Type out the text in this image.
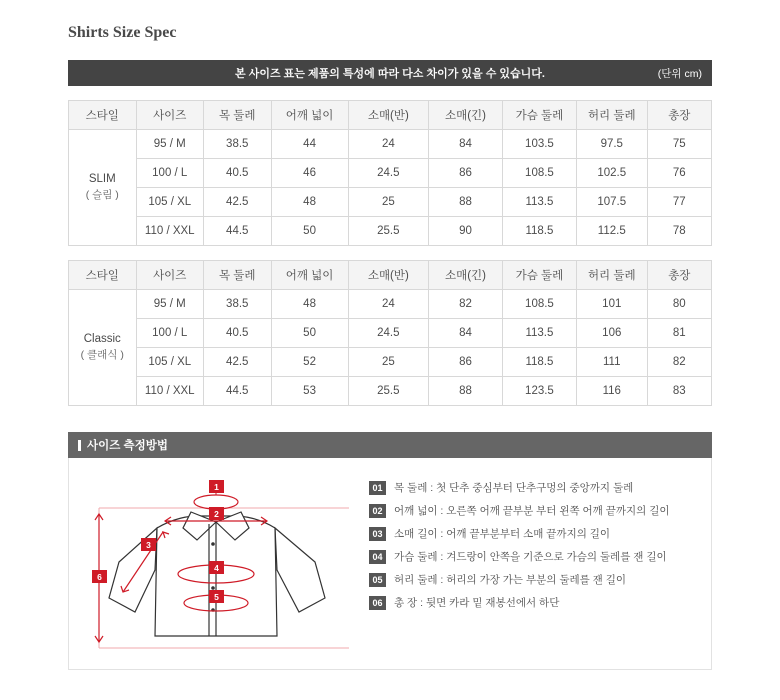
Shirts Size Spec
본 사이즈 표는 제품의 특성에 따라 다소 차이가 있을 수 있습니다.	(단위 cm)
스타일	사이즈	목 둘레	어깨 넓이	소매(반)	소매(긴)	가슴 둘레	허리 둘레	총장

SLIM
( 슬림 )	95 / M	38.5	44	24	84	103.5	97.5	75
	100 / L	40.5	46	24.5	86	108.5	102.5	76
	105 / XL	42.5	48	25	88	113.5	107.5	77
	110 / XXL	44.5	50	25.5	90	118.5	112.5	78
스타일	사이즈	목 둘레	어깨 넓이	소매(반)	소매(긴)	가슴 둘레	허리 둘레	총장

Classic
( 클래식 )	95 / M	38.5	48	24	82	108.5	101	80
	100 / L	40.5	50	24.5	84	113.5	106	81
	105 / XL	42.5	52	25	86	118.5	111	82
	110 / XXL	44.5	53	25.5	88	123.5	116	83
사이즈 측정방법
1
2
3
4
5
6
01	목 둘레 : 첫 단추 중심부터 단추구멍의 중앙까지 둘레
02	어깨 넓이 : 오른쪽 어깨 끝부분 부터 왼쪽 어깨 끝까지의 길이
03	소매 길이 : 어깨 끝부분부터 소매 끝까지의 길이
04	가슴 둘레 : 겨드랑이 안쪽을 기준으로 가슴의 둘레를 잰 길이
05	허리 둘레 : 허리의 가장 가는 부분의 둘레를 잰 길이
06	총 장 : 뒷면 카라 밑 재봉선에서 하단
